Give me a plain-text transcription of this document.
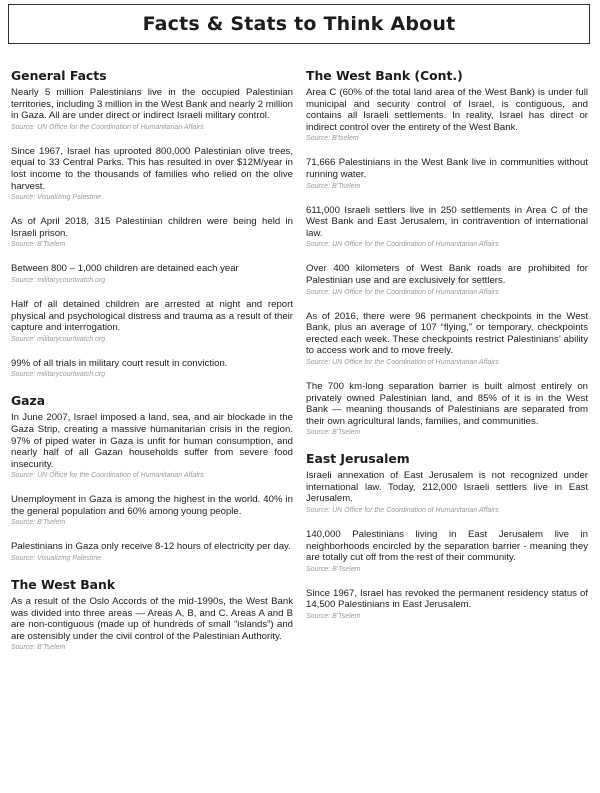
Facts & Stats to Think About
General Facts

Nearly 5 million Palestinians live in the occupied Palestinian territories, including 3 million in the West Bank and nearly 2 million in Gaza. All are under direct or indirect Israeli military control.

Source: UN Office for the Coordination of Humanitarian Affairs

Since 1967, Israel has uprooted 800,000 Palestinian olive trees, equal to 33 Central Parks. This has resulted in over $12M/year in lost income to the thousands of families who relied on the olive harvest.

Source: Visualizing Palestine

As of April 2018, 315 Palestinian children were being held in Israeli prison.

Source: B'Tselem

Between 800 – 1,000 children are detained each year

Source: militarycourtwatch.org

Half of all detained children are arrested at night and report physical and psychological distress and trauma as a result of their capture and interrogation.

Source: militarycourtwatch.org

99% of all trials in military court result in conviction.

Source: militarycourtwatch.org
Gaza

In June 2007, Israel imposed a land, sea, and air blockade in the Gaza Strip, creating a massive humanitarian crisis in the region. 97% of piped water in Gaza is unfit for human consumption, and nearly half of all Gazan households suffer from severe food insecurity.

Source: UN Office for the Coordination of Humanitarian Affairs

Unemployment in Gaza is among the highest in the world. 40% in the general population and 60% among young people.

Source: B'Tselem

Palestinians in Gaza only receive 8-12 hours of electricity per day.

Source: Visualizing Palestine
The West Bank

As a result of the Oslo Accords of the mid-1990s, the West Bank was divided into three areas — Areas A, B, and C. Areas A and B are non-contiguous (made up of hundreds of small “islands”) and are ostensibly under the civil control of the Palestinian Authority.

Source: B'Tselem
The West Bank (Cont.)

Area C (60% of the total land area of the West Bank) is under full municipal and security control of Israel, is contiguous, and contains all Israeli settlements. In reality, Israel has direct or indirect control over the entirety of the West Bank.

Source: B'tselem

71,666 Palestinians in the West Bank live in communities without running water.

Source: B'Tselem

611,000 Israeli settlers live in 250 settlements in Area C of the West Bank and East Jerusalem, in contravention of international law.

Source: UN Office for the Coordination of Humanitarian Affairs

Over 400 kilometers of West Bank roads are prohibited for Palestinian use and are exclusively for settlers.

Source: UN Office for the Coordination of Humanitarian Affairs

As of 2016, there were 96 permanent checkpoints in the West Bank, plus an average of 107 “flying,” or temporary, checkpoints erected each week. These checkpoints restrict Palestinians’ ability to access work and to move freely.

Source: UN Office for the Coordination of Humanitarian Affairs

The 700 km-long separation barrier is built almost entirely on privately owned Palestinian land, and 85% of it is in the West Bank — meaning thousands of Palestinians are separated from their own agricultural lands, families, and communities.

Source: B'Tselem
East Jerusalem

Israeli annexation of East Jerusalem is not recognized under international law. Today, 212,000 Israeli settlers live in East Jerusalem.

Source: UN Office for the Coordination of Humanitarian Affairs

140,000 Palestinians living in East Jerusalem live in neighborhoods encircled by the separation barrier - meaning they are totally cut off from the rest of their community.

Source: B'Tselem

Since 1967, Israel has revoked the permanent residency status of 14,500 Palestinians in East Jerusalem.

Source: B'Tselem
